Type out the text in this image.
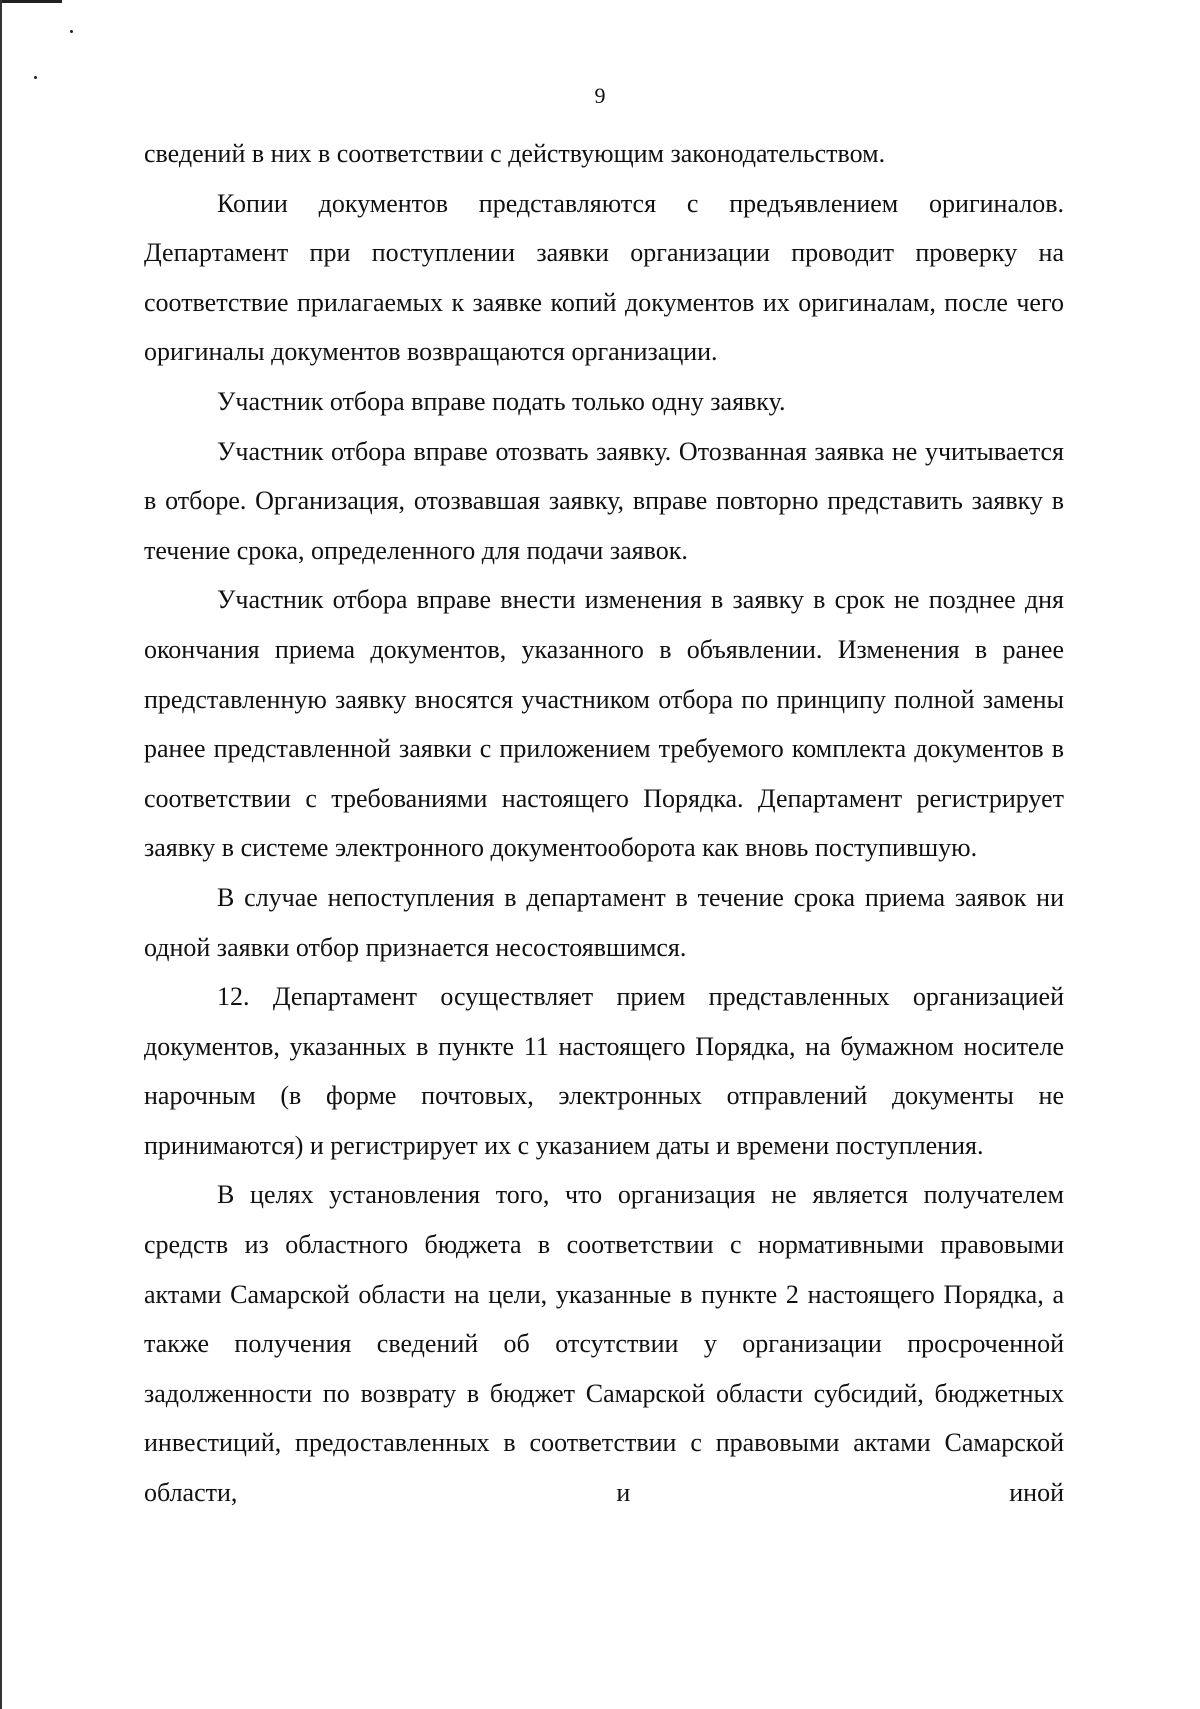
9

сведений в них в соответствии с действующим законодательством.

Копии документов представляются с предъявлением оригиналов. Департамент при поступлении заявки организации проводит проверку на соответствие прилагаемых к заявке копий документов их оригиналам, после чего оригиналы документов возвращаются организации.

Участник отбора вправе подать только одну заявку.

Участник отбора вправе отозвать заявку. Отозванная заявка не учитывается в отборе. Организация, отозвавшая заявку, вправе повторно представить заявку в течение срока, определенного для подачи заявок.

Участник отбора вправе внести изменения в заявку в срок не позднее дня окончания приема документов, указанного в объявлении. Изменения в ранее представленную заявку вносятся участником отбора по принципу полной замены ранее представленной заявки с приложением требуемого комплекта документов в соответствии с требованиями настоящего Порядка. Департамент регистрирует заявку в системе электронного документооборота как вновь поступившую.

В случае непоступления в департамент в течение срока приема заявок ни одной заявки отбор признается несостоявшимся.

12. Департамент осуществляет прием представленных организацией документов, указанных в пункте 11 настоящего Порядка, на бумажном носителе нарочным (в форме почтовых, электронных отправлений документы не принимаются) и регистрирует их с указанием даты и времени поступления.

В целях установления того, что организация не является получателем средств из областного бюджета в соответствии с нормативными правовыми актами Самарской области на цели, указанные в пункте 2 настоящего Порядка, а также получения сведений об отсутствии у организации просроченной задолженности по возврату в бюджет Самарской области субсидий, бюджетных инвестиций, предоставленных в соответствии с правовыми актами Самарской области, и иной
